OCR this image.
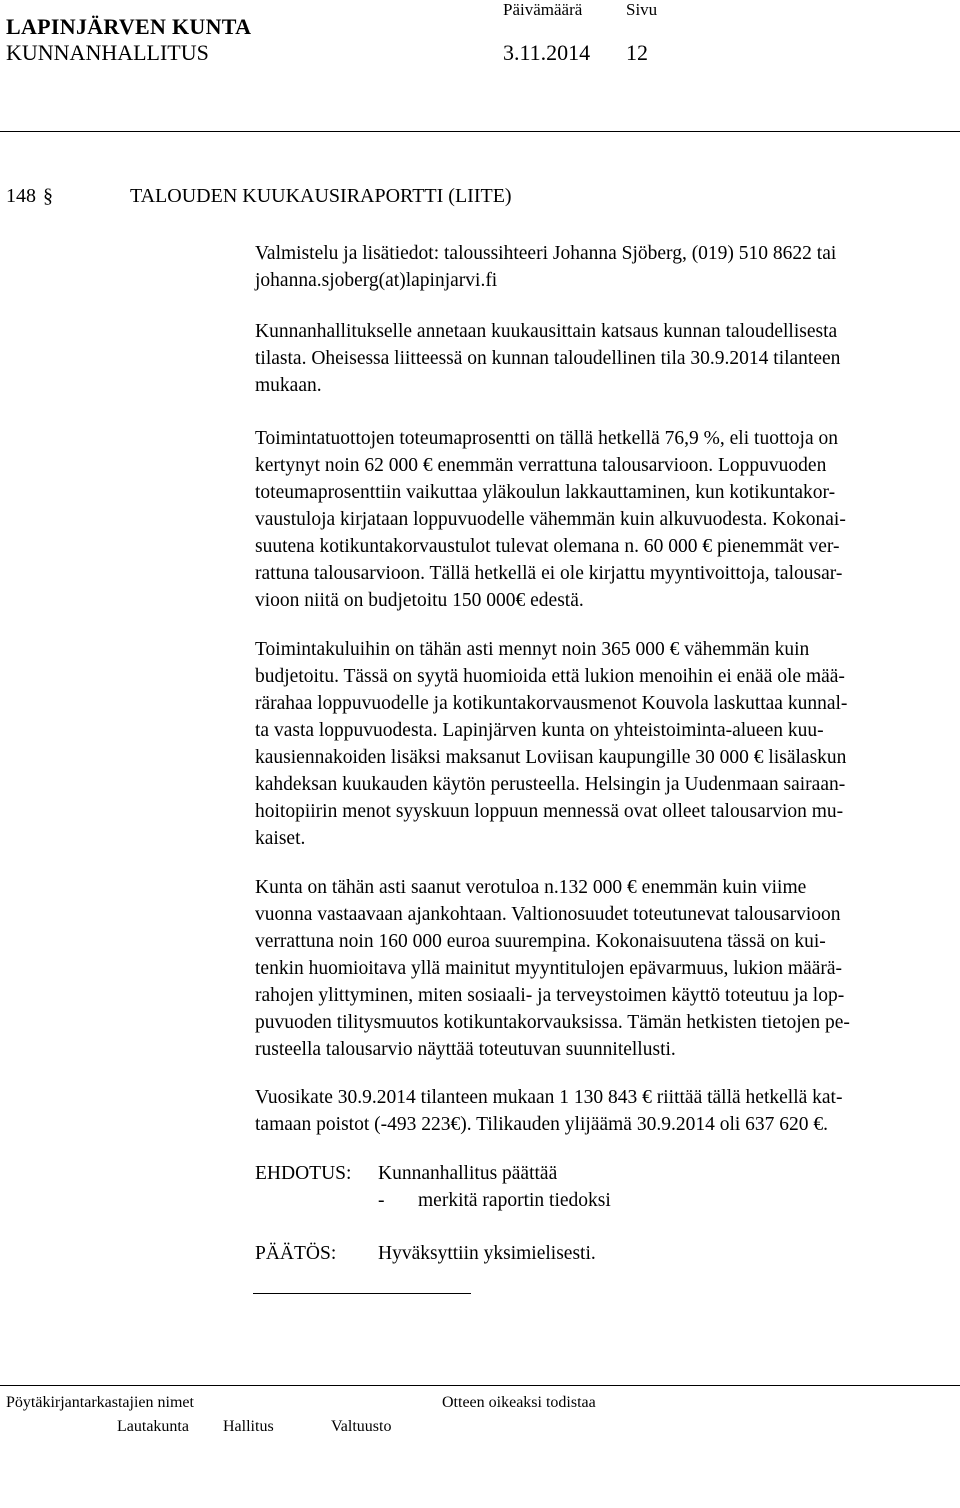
LAPINJÄRVEN KUNTA
KUNNANHALLITUS
Päivämäärä	Sivu
3.11.2014 12
148 §	TALOUDEN KUUKAUSIRAPORTTI (LIITE)
Valmistelu ja lisätiedot: taloussihteeri Johanna Sjöberg, (019) 510 8622 tai
johanna.sjoberg(at)lapinjarvi.fi
Kunnanhallitukselle annetaan kuukausittain katsaus kunnan taloudellisesta
tilasta. Oheisessa liitteessä on kunnan taloudellinen tila 30.9.2014 tilanteen
mukaan.
Toimintatuottojen toteumaprosentti on tällä hetkellä 76,9 %, eli tuottoja on
kertynyt noin 62 000 € enemmän verrattuna talousarvioon. Loppuvuoden
toteumaprosenttiin vaikuttaa yläkoulun lakkauttaminen, kun kotikuntakor-
vaustuloja kirjataan loppuvuodelle vähemmän kuin alkuvuodesta. Kokonai-
suutena kotikuntakorvaustulot tulevat olemana n. 60 000 € pienemmät ver-
rattuna talousarvioon. Tällä hetkellä ei ole kirjattu myyntivoittoja, talousar-
vioon niitä on budjetoitu 150 000€ edestä.
Toimintakuluihin on tähän asti mennyt noin 365 000 € vähemmän kuin
budjetoitu. Tässä on syytä huomioida että lukion menoihin ei enää ole mää-
rärahaa loppuvuodelle ja kotikuntakorvausmenot Kouvola laskuttaa kunnal-
ta vasta loppuvuodesta. Lapinjärven kunta on yhteistoiminta-alueen kuu-
kausiennakoiden lisäksi maksanut Loviisan kaupungille 30 000 € lisälaskun
kahdeksan kuukauden käytön perusteella. Helsingin ja Uudenmaan sairaan-
hoitopiirin menot syyskuun loppuun mennessä ovat olleet talousarvion mu-
kaiset.
Kunta on tähän asti saanut verotuloa n.132 000 € enemmän kuin viime
vuonna vastaavaan ajankohtaan. Valtionosuudet toteutunevat talousarvioon
verrattuna noin 160 000 euroa suurempina. Kokonaisuutena tässä on kui-
tenkin huomioitava yllä mainitut myyntitulojen epävarmuus, lukion määrä-
rahojen ylittyminen, miten sosiaali- ja terveystoimen käyttö toteutuu ja lop-
puvuoden tilitysmuutos kotikuntakorvauksissa. Tämän hetkisten tietojen pe-
rusteella talousarvio näyttää toteutuvan suunnitellusti.
Vuosikate 30.9.2014 tilanteen mukaan 1 130 843 € riittää tällä hetkellä kat-
tamaan poistot (-493 223€). Tilikauden ylijäämä 30.9.2014 oli 637 620 €.
EHDOTUS: Kunnanhallitus päättää
- merkitä raportin tiedoksi
PÄÄTÖS: Hyväksyttiin yksimielisesti.
Pöytäkirjantarkastajien nimet	Otteen oikeaksi todistaa
Lautakunta Hallitus	Valtuusto
